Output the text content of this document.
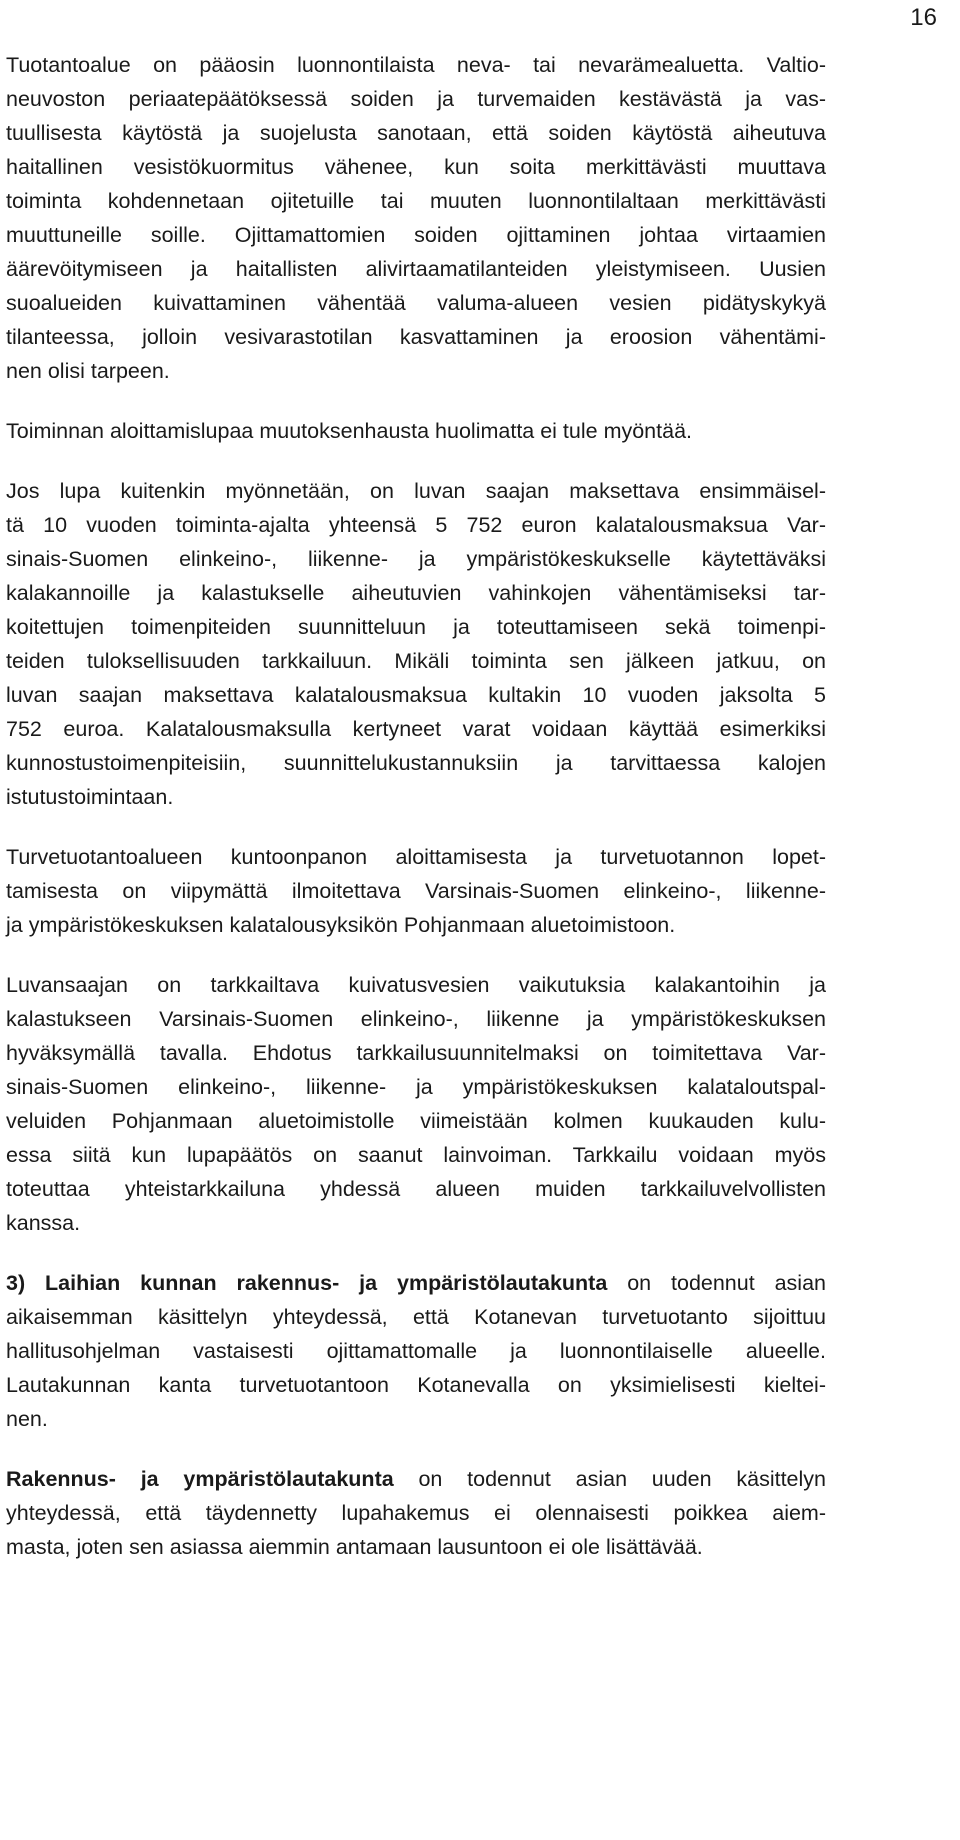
16

Tuotantoalue on pääosin luonnontilaista neva- tai nevarämealuetta. Valtio-
neuvoston periaatepäätöksessä soiden ja turvemaiden kestävästä ja vas-
tuullisesta käytöstä ja suojelusta sanotaan, että soiden käytöstä aiheutuva
haitallinen vesistökuormitus vähenee, kun soita merkittävästi muuttava
toiminta kohdennetaan ojitetuille tai muuten luonnontilaltaan merkittävästi
muuttuneille soille. Ojittamattomien soiden ojittaminen johtaa virtaamien
äärevöitymiseen ja haitallisten alivirtaamatilanteiden yleistymiseen. Uusien
suoalueiden kuivattaminen vähentää valuma-alueen vesien pidätyskykyä
tilanteessa, jolloin vesivarastotilan kasvattaminen ja eroosion vähentämi-
nen olisi tarpeen.

Toiminnan aloittamislupaa muutoksenhausta huolimatta ei tule myöntää.

Jos lupa kuitenkin myönnetään, on luvan saajan maksettava ensimmäisel-
tä 10 vuoden toiminta-ajalta yhteensä 5 752 euron kalatalousmaksua Var-
sinais-Suomen elinkeino-, liikenne- ja ympäristökeskukselle käytettäväksi
kalakannoille ja kalastukselle aiheutuvien vahinkojen vähentämiseksi tar-
koitettujen toimenpiteiden suunnitteluun ja toteuttamiseen sekä toimenpi-
teiden tuloksellisuuden tarkkailuun. Mikäli toiminta sen jälkeen jatkuu, on
luvan saajan maksettava kalatalousmaksua kultakin 10 vuoden jaksolta 5
752 euroa. Kalatalousmaksulla kertyneet varat voidaan käyttää esimerkiksi
kunnostustoimenpiteisiin, suunnittelukustannuksiin ja tarvittaessa kalojen
istutustoimintaan.

Turvetuotantoalueen kuntoonpanon aloittamisesta ja turvetuotannon lopet-
tamisesta on viipymättä ilmoitettava Varsinais-Suomen elinkeino-, liikenne-
ja ympäristökeskuksen kalatalousyksikön Pohjanmaan aluetoimistoon.

Luvansaajan on tarkkailtava kuivatusvesien vaikutuksia kalakantoihin ja
kalastukseen Varsinais-Suomen elinkeino-, liikenne ja ympäristökeskuksen
hyväksymällä tavalla. Ehdotus tarkkailusuunnitelmaksi on toimitettava Var-
sinais-Suomen elinkeino-, liikenne- ja ympäristökeskuksen kalataloutspal-
veluiden Pohjanmaan aluetoimistolle viimeistään kolmen kuukauden kulu-
essa siitä kun lupapäätös on saanut lainvoiman. Tarkkailu voidaan myös
toteuttaa yhteistarkkailuna yhdessä alueen muiden tarkkailuvelvollisten
kanssa.

3) Laihian kunnan rakennus- ja ympäristölautakunta on todennut asian
aikaisemman käsittelyn yhteydessä, että Kotanevan turvetuotanto sijoittuu
hallitusohjelman vastaisesti ojittamattomalle ja luonnontilaiselle alueelle.
Lautakunnan kanta turvetuotantoon Kotanevalla on yksimielisesti kieltei-
nen.

Rakennus- ja ympäristölautakunta on todennut asian uuden käsittelyn
yhteydessä, että täydennetty lupahakemus ei olennaisesti poikkea aiem-
masta, joten sen asiassa aiemmin antamaan lausuntoon ei ole lisättävää.
